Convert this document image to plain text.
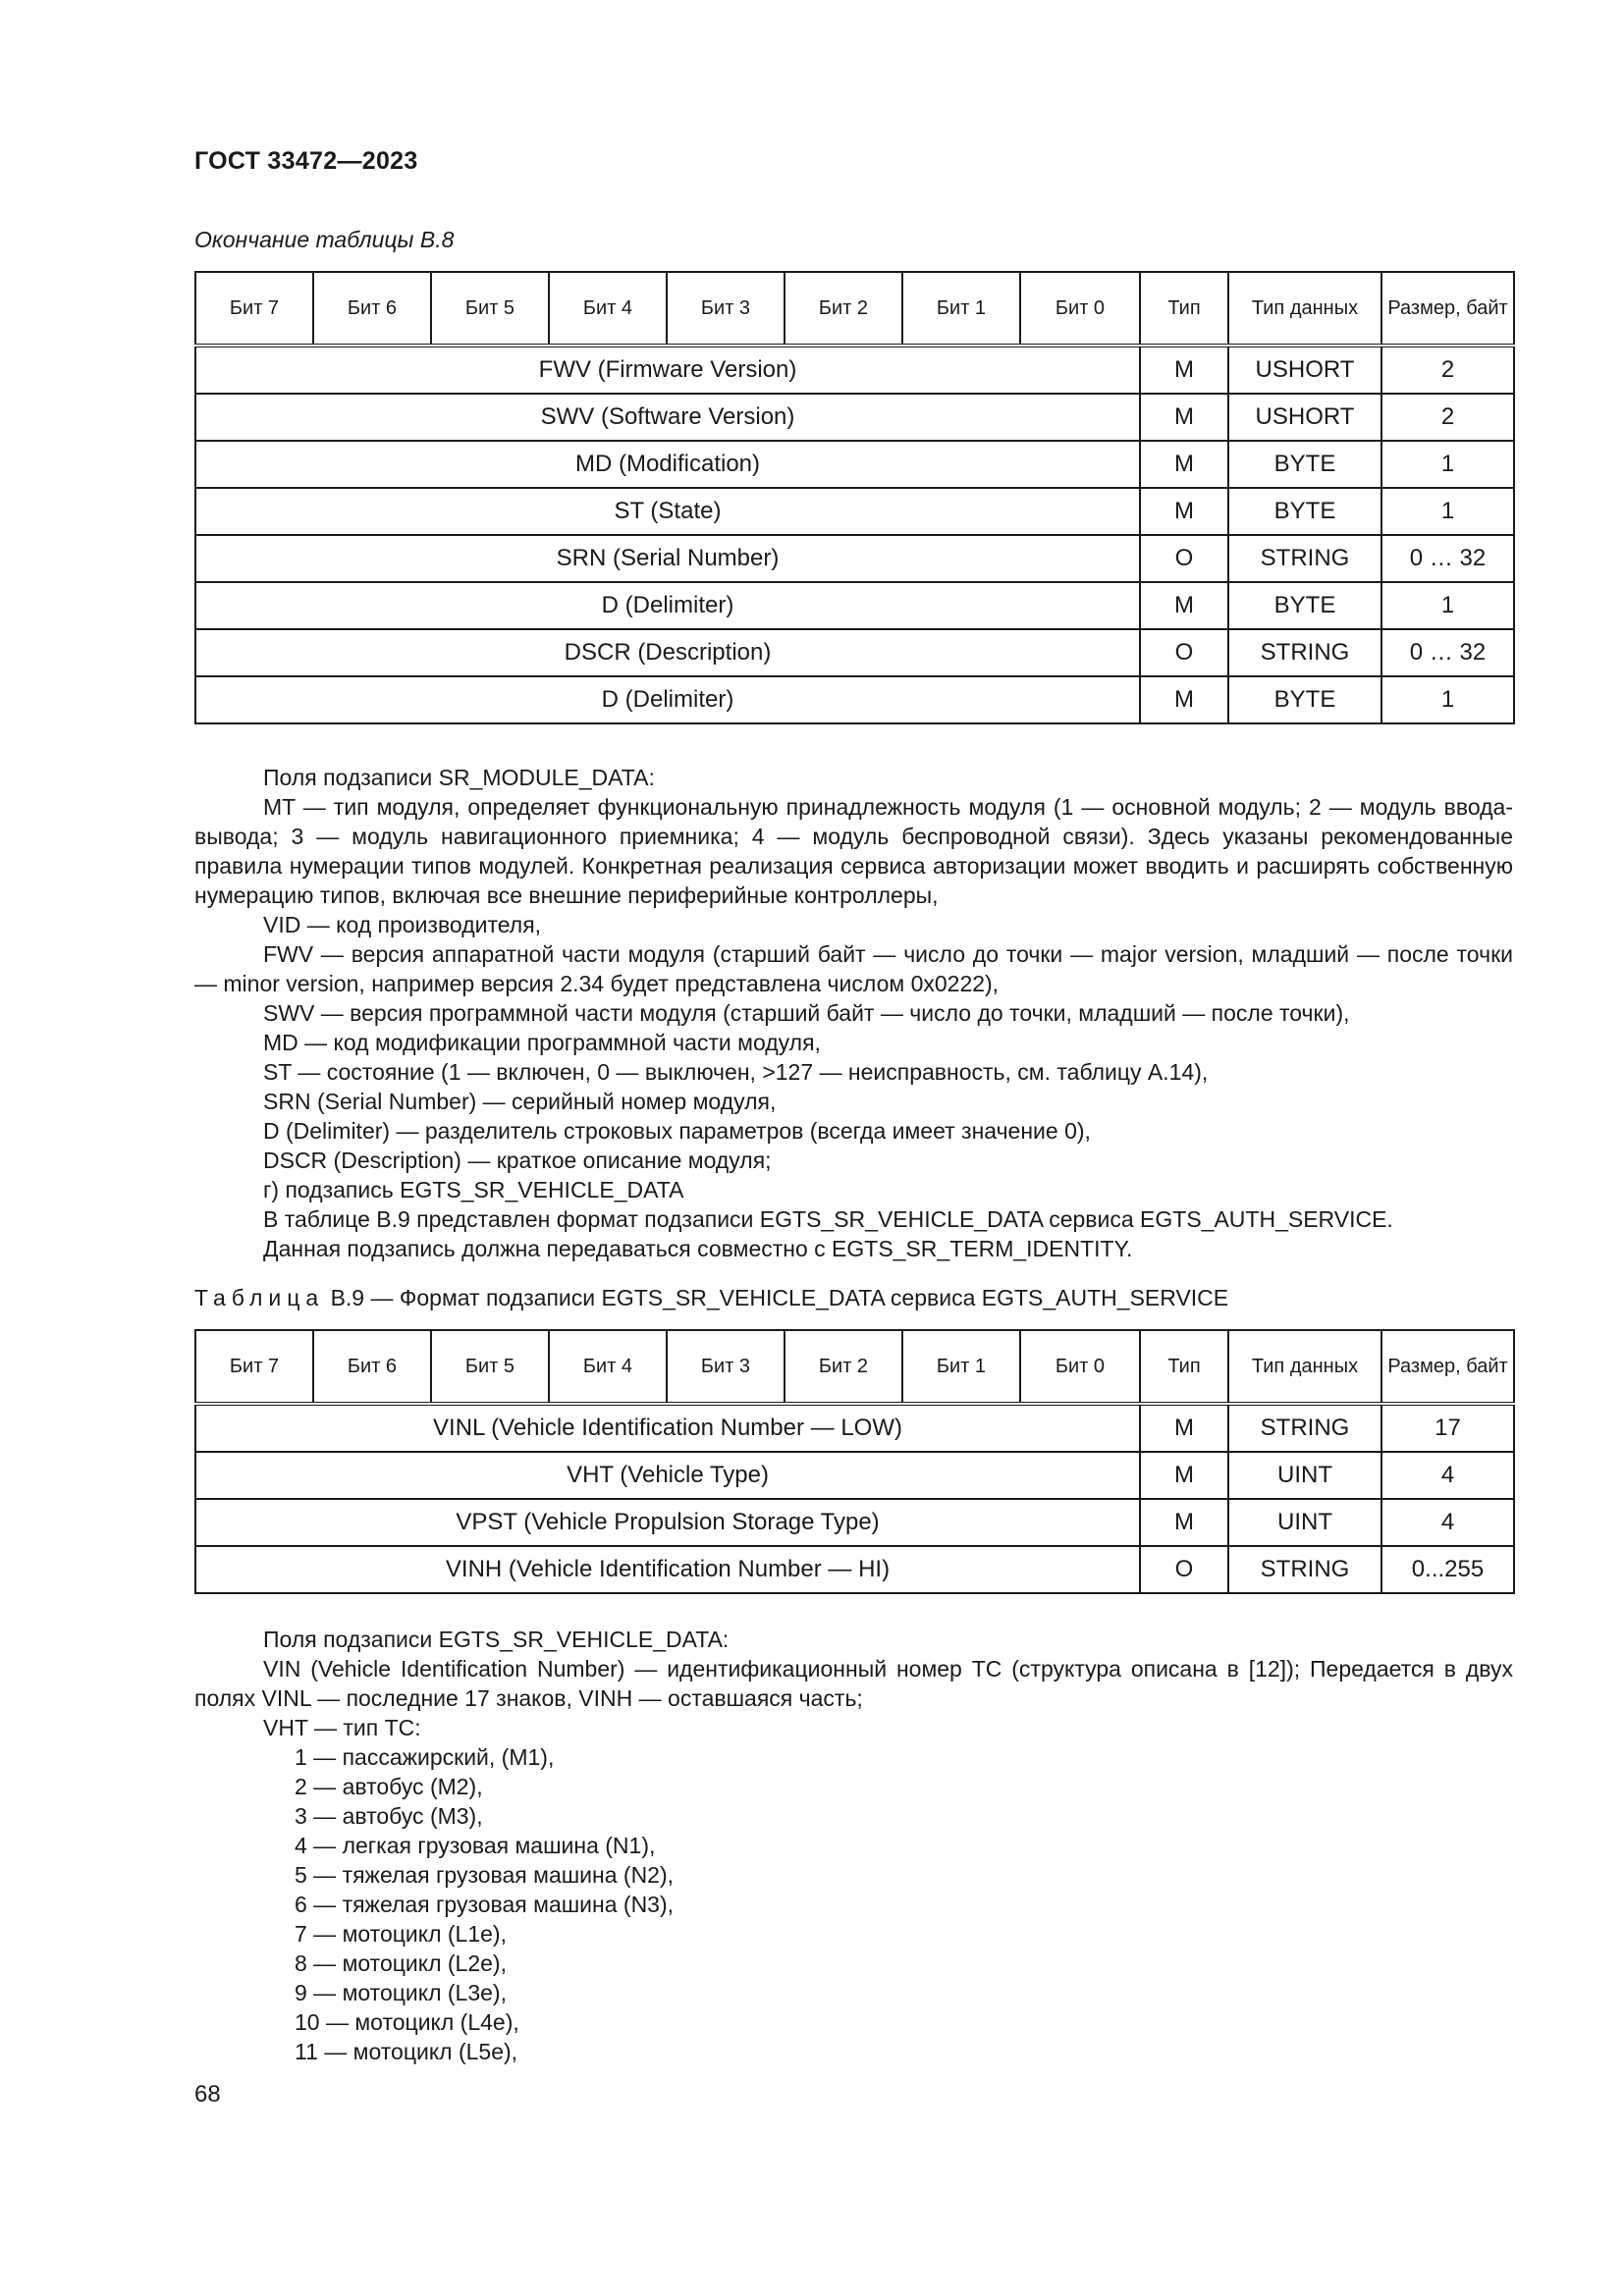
ГОСТ 33472—2023
Окончание таблицы В.8
Бит 7	Бит 6	Бит 5	Бит 4	Бит 3	Бит 2	Бит 1	Бит 0	Тип	Тип данных	Размер, байт
FWV (Firmware Version)								M	USHORT	2
SWV (Software Version)								M	USHORT	2
MD (Modification)								M	BYTE	1
ST (State)								M	BYTE	1
SRN (Serial Number)								O	STRING	0 … 32
D (Delimiter)								M	BYTE	1
DSCR (Description)								O	STRING	0 … 32
D (Delimiter)								M	BYTE	1

Поля подзаписи SR_MODULE_DATA:

MT — тип модуля, определяет функциональную принадлежность модуля (1 — основной модуль; 2 — модуль ввода-вывода; 3 — модуль навигационного приемника; 4 — модуль беспроводной связи). Здесь указаны рекомендованные правила нумерации типов модулей. Конкретная реализация сервиса авторизации может вводить и расширять собственную нумерацию типов, включая все внешние периферийные контроллеры,

VID — код производителя,

FWV — версия аппаратной части модуля (старший байт — число до точки — major version, младший — после точки — minor version, например версия 2.34 будет представлена числом 0x0222),

SWV — версия программной части модуля (старший байт — число до точки, младший — после точки),

MD — код модификации программной части модуля,

ST — состояние (1 — включен, 0 — выключен, >127 — неисправность, см. таблицу А.14),

SRN (Serial Number) — серийный номер модуля,

D (Delimiter) — разделитель строковых параметров (всегда имеет значение 0),

DSCR (Description) — краткое описание модуля;

г) подзапись EGTS_SR_VEHICLE_DATA

В таблице В.9 представлен формат подзаписи EGTS_SR_VEHICLE_DATA сервиса EGTS_AUTH_SERVICE.

Данная подзапись должна передаваться совместно с EGTS_SR_TERM_IDENTITY.

Таблица В.9 — Формат подзаписи EGTS_SR_VEHICLE_DATA сервиса EGTS_AUTH_SERVICE
Бит 7	Бит 6	Бит 5	Бит 4	Бит 3	Бит 2	Бит 1	Бит 0	Тип	Тип данных	Размер, байт
VINL (Vehicle Identification Number — LOW)								M	STRING	17
VHT (Vehicle Type)								M	UINT	4
VPST (Vehicle Propulsion Storage Type)								M	UINT	4
VINH (Vehicle Identification Number — HI)								O	STRING	0...255

Поля подзаписи EGTS_SR_VEHICLE_DATA:

VIN (Vehicle Identification Number) — идентификационный номер ТС (структура описана в [12]); Передается в двух полях VINL — последние 17 знаков, VINH — оставшаяся часть;

VHT — тип ТС:

1 — пассажирский, (M1),

2 — автобус (M2),

3 — автобус (M3),

4 — легкая грузовая машина (N1),

5 — тяжелая грузовая машина (N2),

6 — тяжелая грузовая машина (N3),

7 — мотоцикл (L1e),

8 — мотоцикл (L2e),

9 — мотоцикл (L3e),

10 — мотоцикл (L4e),

11 — мотоцикл (L5e),

68
